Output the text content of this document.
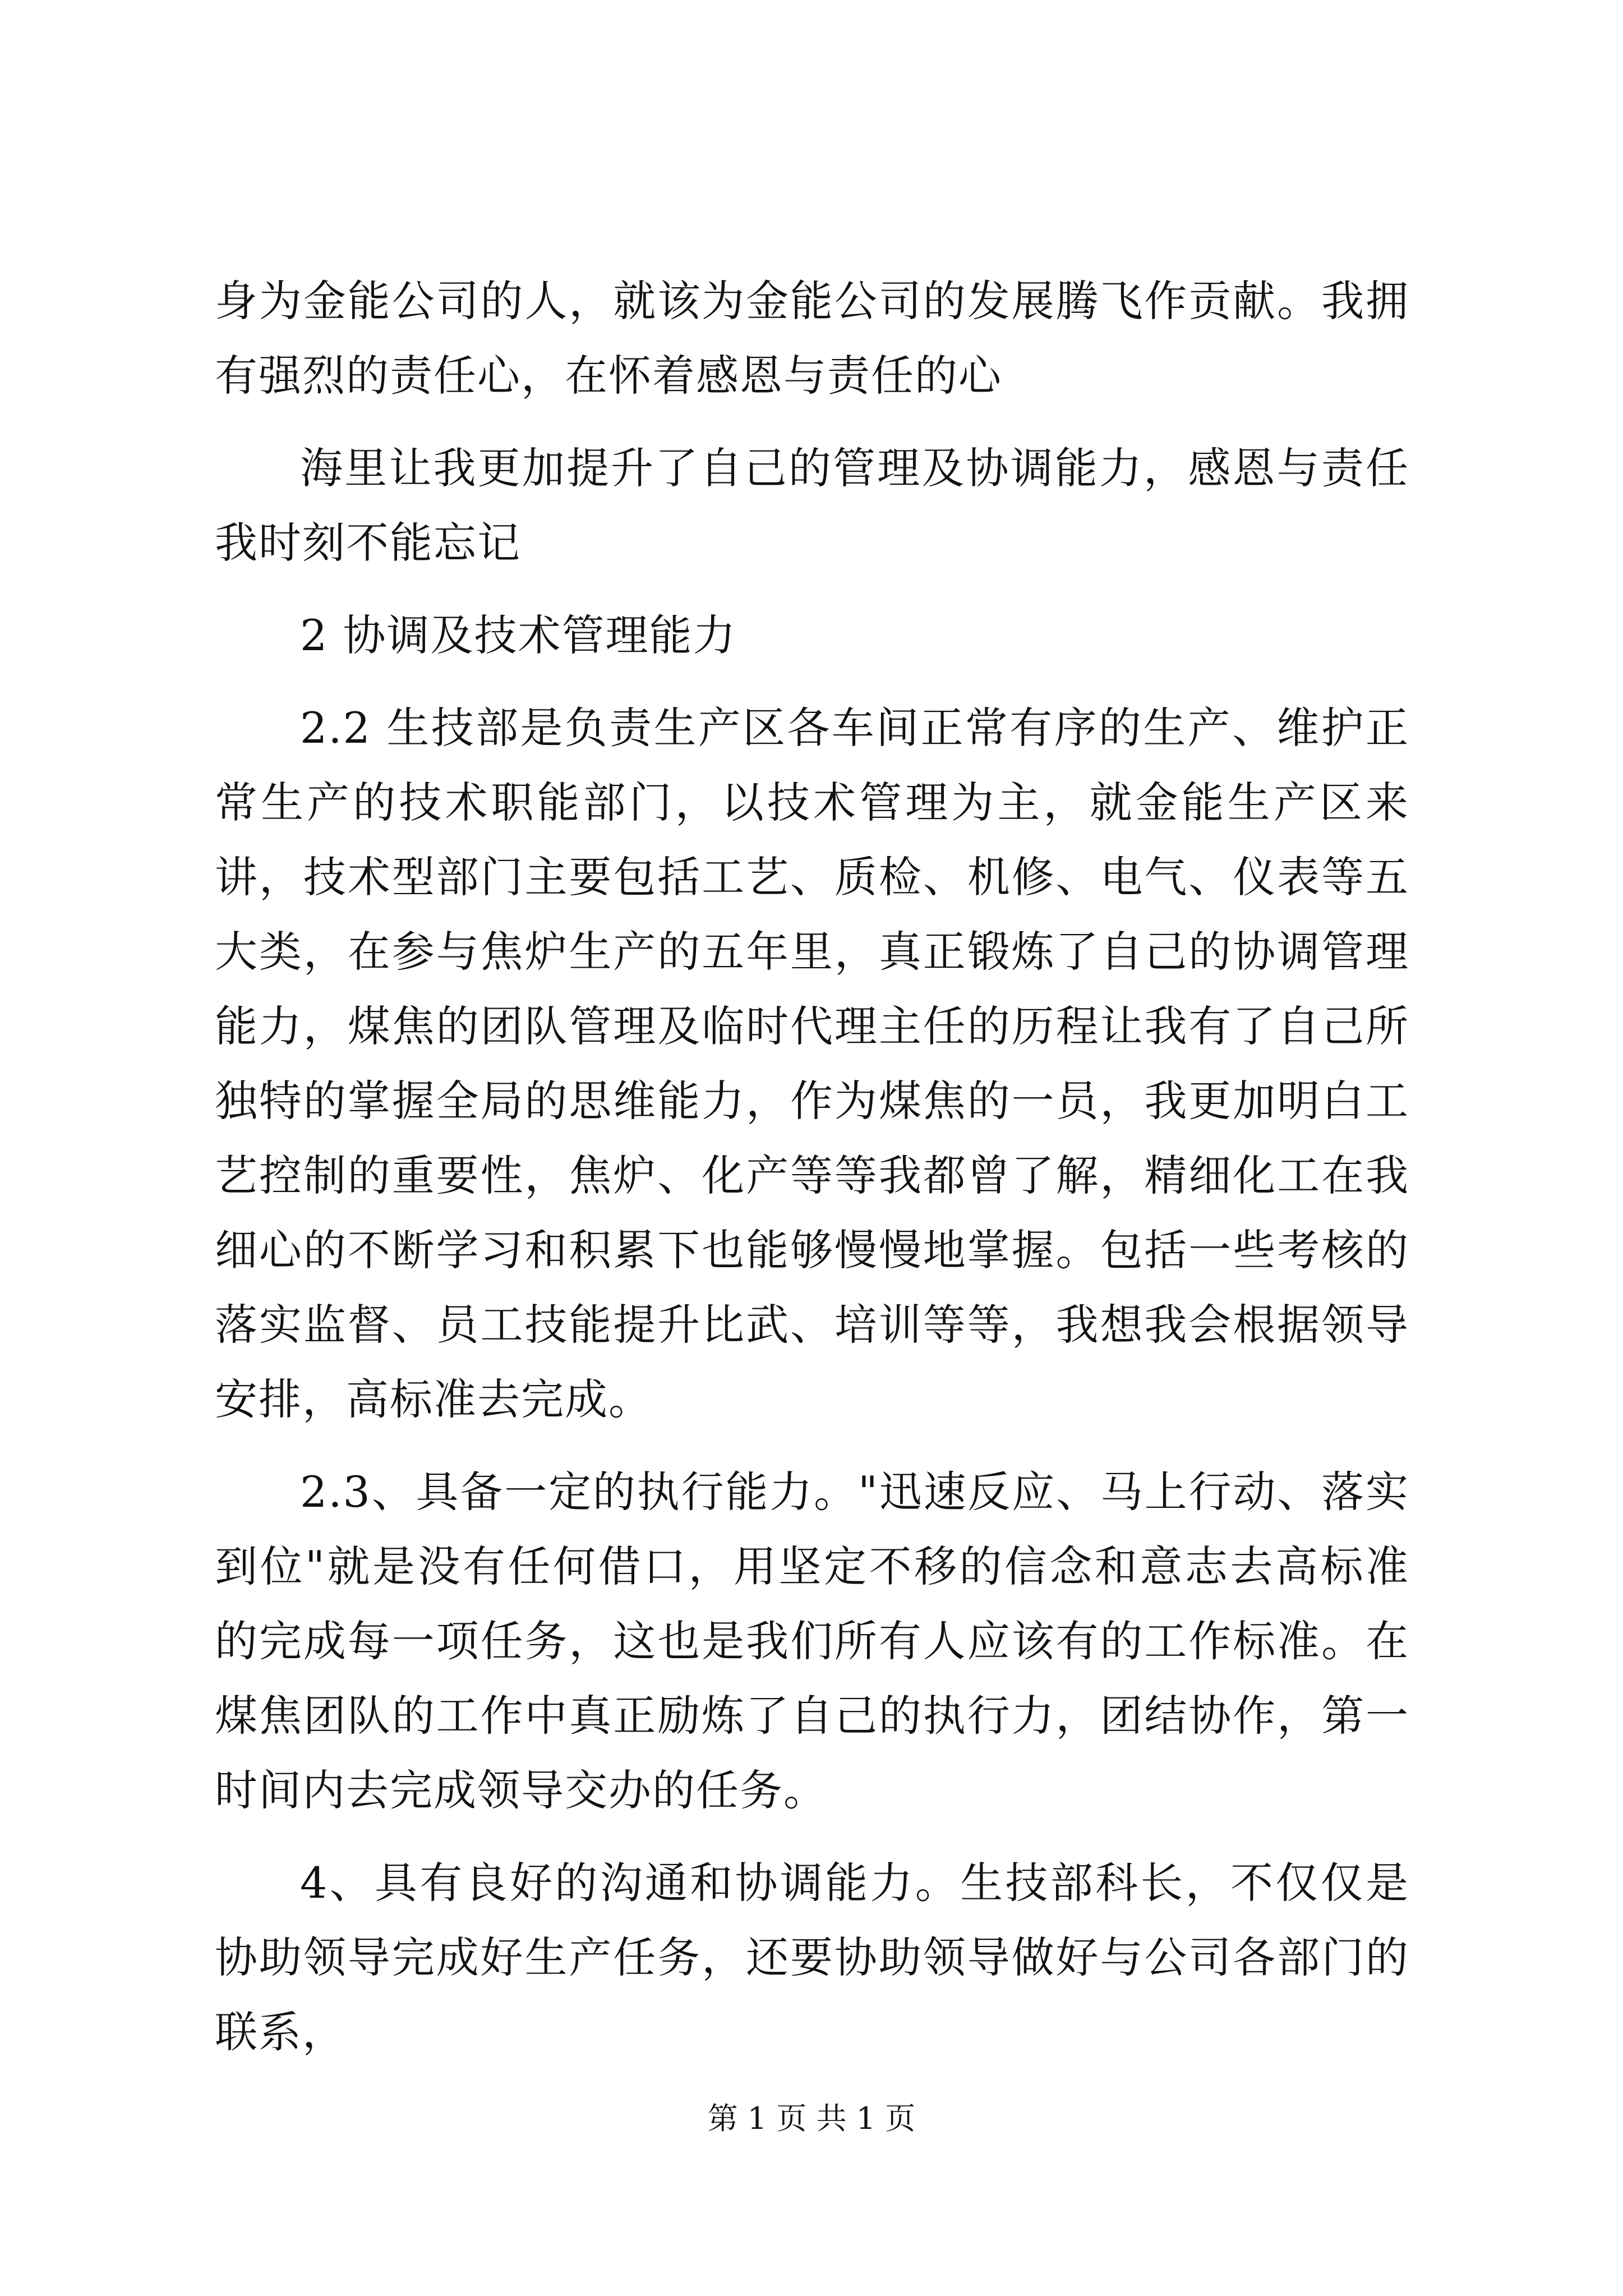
身为金能公司的人，就该为金能公司的发展腾飞作贡献。我拥有强烈的责任心，在怀着感恩与责任的心

海里让我更加提升了自己的管理及协调能力，感恩与责任我时刻不能忘记

2 协调及技术管理能力

2.2 生技部是负责生产区各车间正常有序的生产、维护正常生产的技术职能部门，以技术管理为主，就金能生产区来讲，技术型部门主要包括工艺、质检、机修、电气、仪表等五大类，在参与焦炉生产的五年里，真正锻炼了自己的协调管理能力，煤焦的团队管理及临时代理主任的历程让我有了自己所独特的掌握全局的思维能力，作为煤焦的一员，我更加明白工艺控制的重要性，焦炉、化产等等我都曾了解，精细化工在我细心的不断学习和积累下也能够慢慢地掌握。包括一些考核的落实监督、员工技能提升比武、培训等等，我想我会根据领导安排，高标准去完成。

2.3、具备一定的执行能力。"迅速反应、马上行动、落实到位"就是没有任何借口，用坚定不移的信念和意志去高标准的完成每一项任务，这也是我们所有人应该有的工作标准。在煤焦团队的工作中真正励炼了自己的执行力，团结协作，第一时间内去完成领导交办的任务。

4、具有良好的沟通和协调能力。生技部科长，不仅仅是协助领导完成好生产任务，还要协助领导做好与公司各部门的联系，

第 1 页 共 1 页
